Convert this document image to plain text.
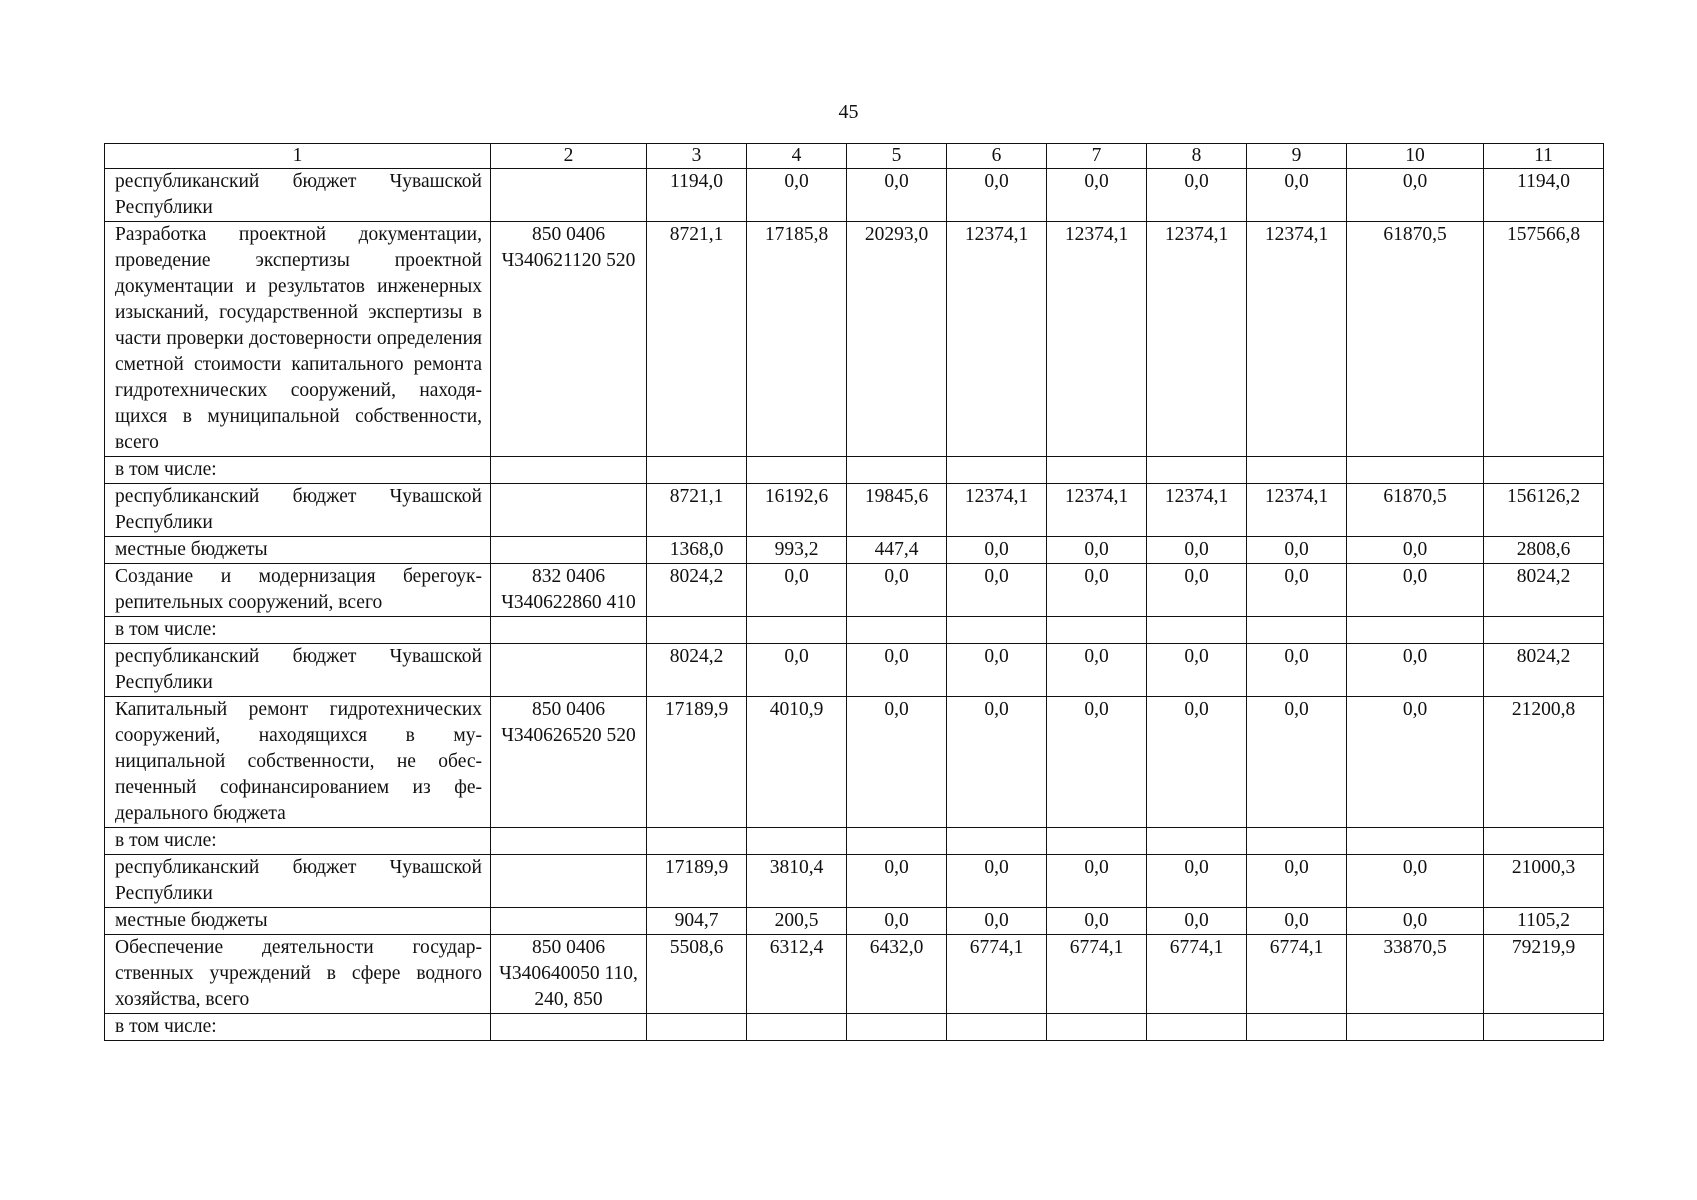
45
1	2	3	4	5	6	7	8	9	10	11
республиканский бюджет Чувашской Республики		1194,0	0,0	0,0	0,0	0,0	0,0	0,0	0,0	1194,0
Разработка проектной документации, проведение экспертизы проектной документации и результатов инженерных изысканий, государственной экспертизы в части проверки достоверности определения сметной стоимости капитального ремонта гидротехнических сооружений, находящихся в муниципальной собственности, всего	850 0406 Ч340621120 520	8721,1	17185,8	20293,0	12374,1	12374,1	12374,1	12374,1	61870,5	157566,8
в том числе:										
республиканский бюджет Чувашской Республики		8721,1	16192,6	19845,6	12374,1	12374,1	12374,1	12374,1	61870,5	156126,2
местные бюджеты		1368,0	993,2	447,4	0,0	0,0	0,0	0,0	0,0	2808,6
Создание и модернизация берегоукрепительных сооружений, всего	832 0406 Ч340622860 410	8024,2	0,0	0,0	0,0	0,0	0,0	0,0	0,0	8024,2
в том числе:										
республиканский бюджет Чувашской Республики		8024,2	0,0	0,0	0,0	0,0	0,0	0,0	0,0	8024,2
Капитальный ремонт гидротехнических сооружений, находящихся в муниципальной собственности, не обеспеченный софинансированием из федерального бюджета	850 0406 Ч340626520 520	17189,9	4010,9	0,0	0,0	0,0	0,0	0,0	0,0	21200,8
в том числе:										
республиканский бюджет Чувашской Республики		17189,9	3810,4	0,0	0,0	0,0	0,0	0,0	0,0	21000,3
местные бюджеты		904,7	200,5	0,0	0,0	0,0	0,0	0,0	0,0	1105,2
Обеспечение деятельности государственных учреждений в сфере водного хозяйства, всего	850 0406 Ч340640050 110, 240, 850	5508,6	6312,4	6432,0	6774,1	6774,1	6774,1	6774,1	33870,5	79219,9
в том числе:										
